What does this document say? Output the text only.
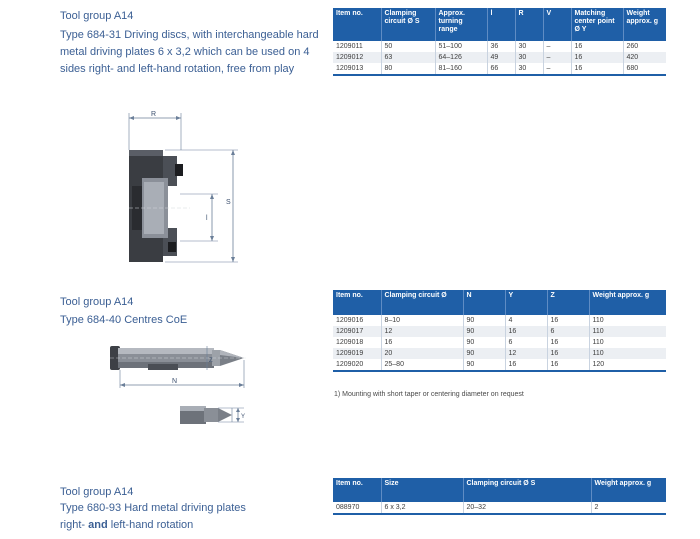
Tool group A14
Type 684-31 Driving discs, with interchangeable hard
metal driving plates 6 x 3,2 which can be used on 4
sides right- and left-hand rotation, free from play
Item no.	Clamping circuit Ø S	Approx. turning range	l	R	V	Matching center point Ø Y	Weight approx. g
1209011	50	51–100	36	30	–	16	260
1209012	63	64–126	49	30	–	16	420
1209013	80	81–160	66	30	–	16	680
R
l
S
Tool group A14
Type 684-40 Centres CoE
Item no.	Clamping circuit Ø	N	Y	Z	Weight approx. g
1209016	8–10	90	4	16	110
1209017	12	90	16	6	110
1209018	16	90	6	16	110
1209019	20	90	12	16	110
1209020	25–80	90	16	16	120
1) Mounting with short taper or centering diameter on request
Z
N
Y
Tool group A14
Type 680-93 Hard metal driving plates
right- and left-hand rotation
Item no.	Size	Clamping circuit Ø S	Weight approx. g
088970	6 x 3,2	20–32	2
